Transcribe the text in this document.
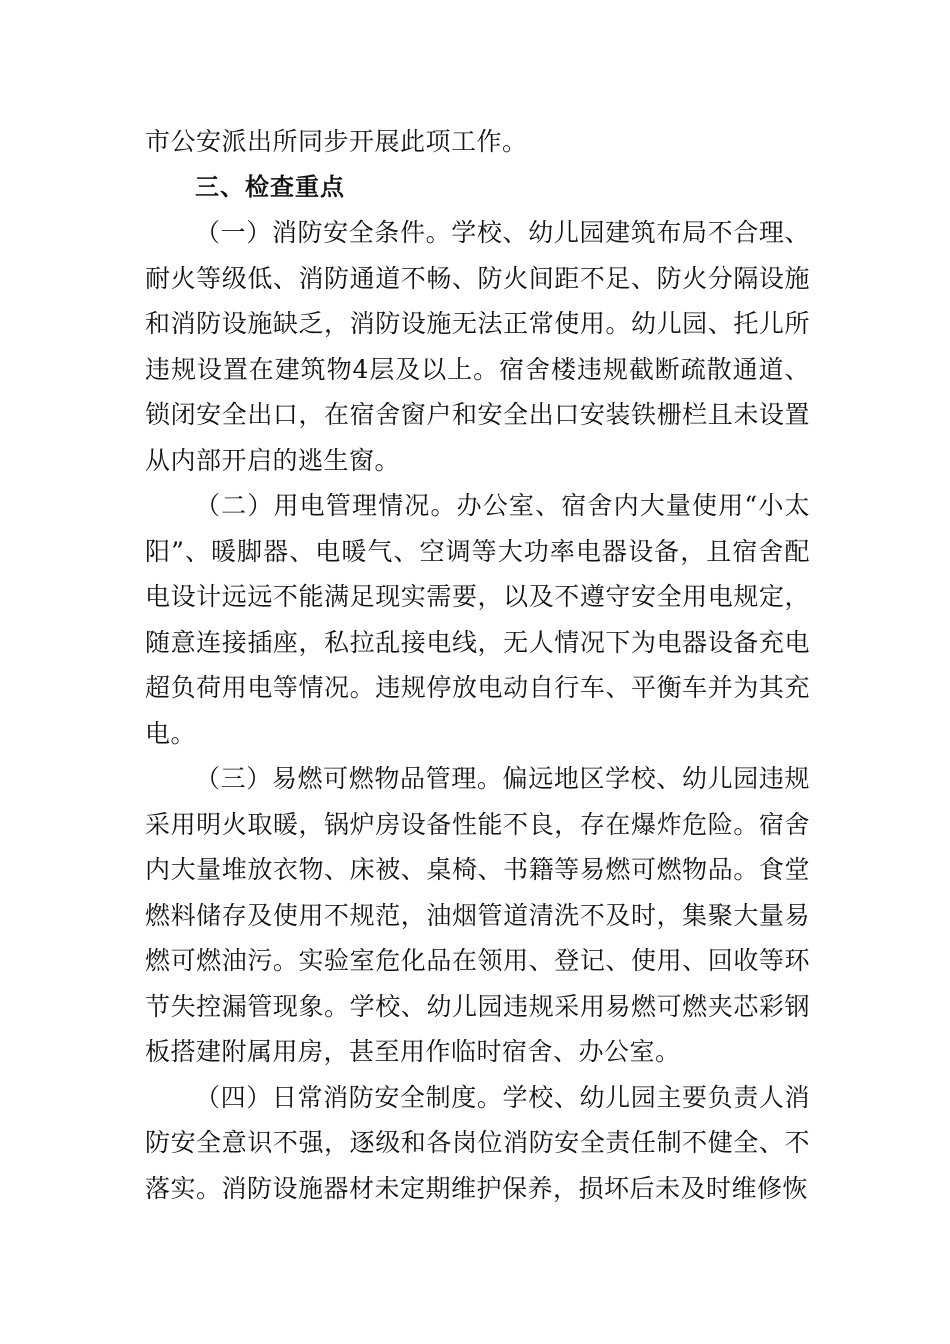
市公安派出所同步开展此项工作。

三、检查重点

（一）消防安全条件。学校、幼儿园建筑布局不合理、耐火等级低、消防通道不畅、防火间距不足、防火分隔设施和消防设施缺乏，消防设施无法正常使用。幼儿园、托儿所违规设置在建筑物4层及以上。宿舍楼违规截断疏散通道、锁闭安全出口，在宿舍窗户和安全出口安装铁栅栏且未设置从内部开启的逃生窗。

（二）用电管理情况。办公室、宿舍内大量使用“小太阳”、暖脚器、电暖气、空调等大功率电器设备，且宿舍配电设计远远不能满足现实需要，以及不遵守安全用电规定，随意连接插座，私拉乱接电线，无人情况下为电器设备充电超负荷用电等情况。违规停放电动自行车、平衡车并为其充电。

（三）易燃可燃物品管理。偏远地区学校、幼儿园违规采用明火取暖，锅炉房设备性能不良，存在爆炸危险。宿舍内大量堆放衣物、床被、桌椅、书籍等易燃可燃物品。食堂燃料储存及使用不规范，油烟管道清洗不及时，集聚大量易燃可燃油污。实验室危化品在领用、登记、使用、回收等环节失控漏管现象。学校、幼儿园违规采用易燃可燃夹芯彩钢板搭建附属用房，甚至用作临时宿舍、办公室。

（四）日常消防安全制度。学校、幼儿园主要负责人消防安全意识不强，逐级和各岗位消防安全责任制不健全、不落实。消防设施器材未定期维护保养，损坏后未及时维修恢
